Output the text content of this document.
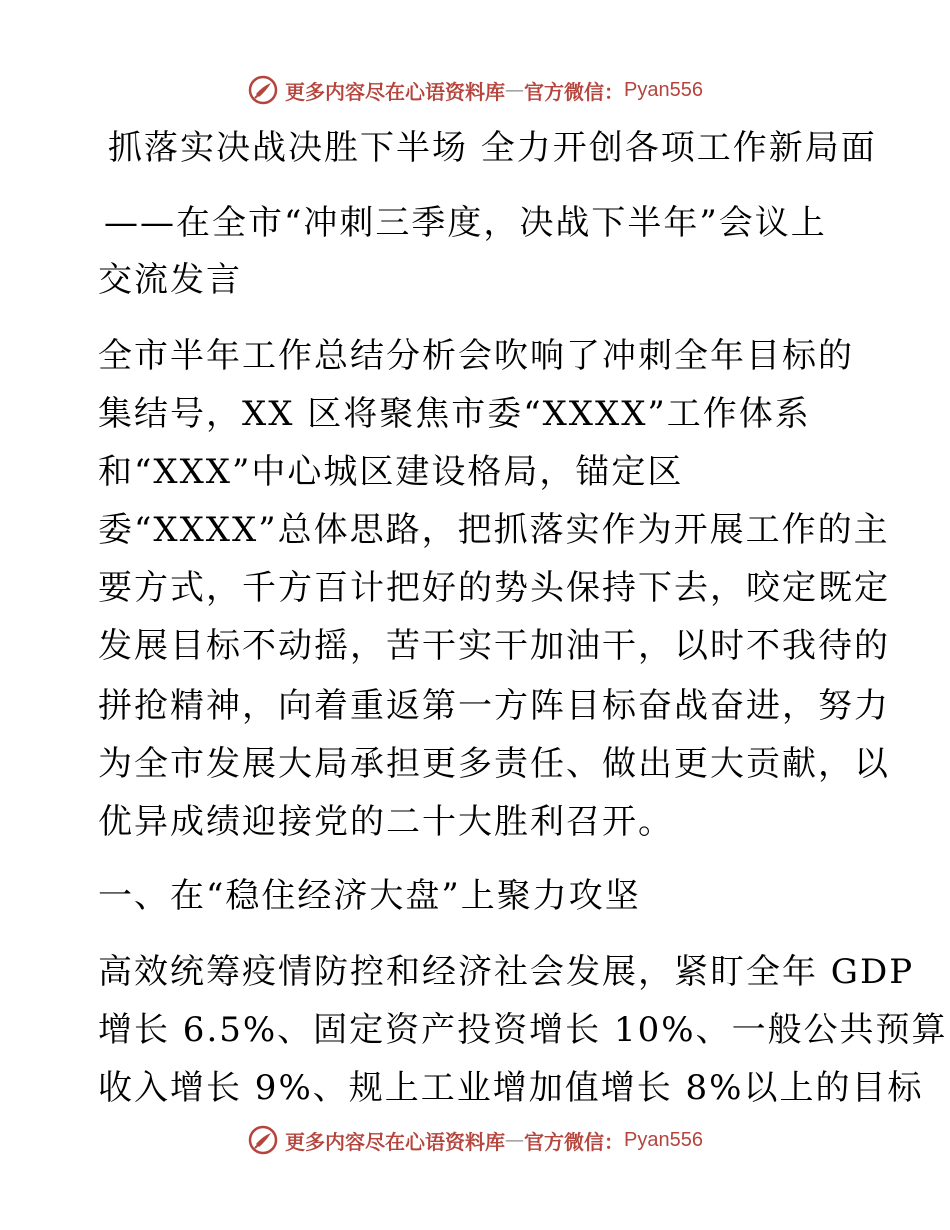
更多内容尽在心语资料库 — 官方微信： Pyan556
抓落实决战决胜下半场 全力开创各项工作新局面
——在全市“冲刺三季度，决战下半年”会议上
交流发言
全市半年工作总结分析会吹响了冲刺全年目标的
集结号，XX 区将聚焦市委“XXXX”工作体系
和“XXX”中心城区建设格局，锚定区
委“XXXX”总体思路，把抓落实作为开展工作的主
要方式，千方百计把好的势头保持下去，咬定既定
发展目标不动摇，苦干实干加油干，以时不我待的
拼抢精神，向着重返第一方阵目标奋战奋进，努力
为全市发展大局承担更多责任、做出更大贡献，以
优异成绩迎接党的二十大胜利召开。
一、在“稳住经济大盘”上聚力攻坚
高效统筹疫情防控和经济社会发展，紧盯全年 GDP
增长 6.5%、固定资产投资增长 10%、一般公共预算
收入增长 9%、规上工业增加值增长 8%以上的目标
更多内容尽在心语资料库 — 官方微信： Pyan556
